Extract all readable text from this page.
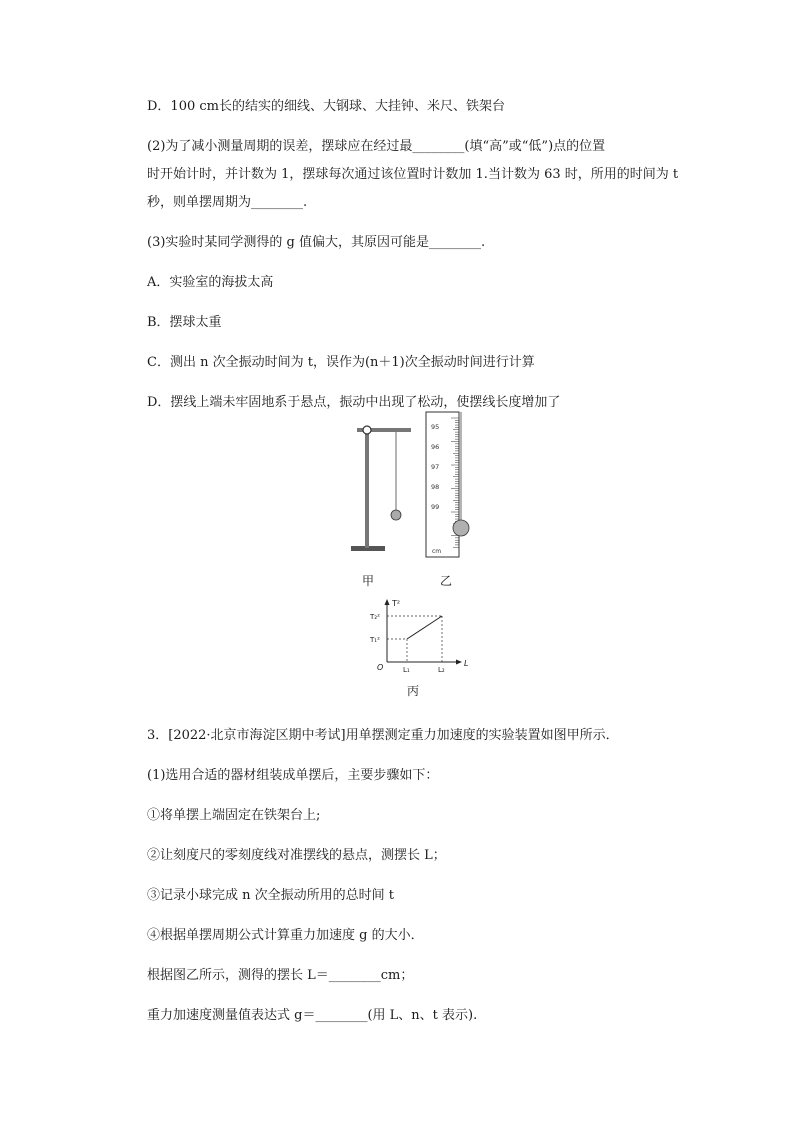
D．100 cm长的结实的细线、大钢球、大挂钟、米尺、铁架台
(2)为了减小测量周期的误差，摆球应在经过最________(填“高”或“低”)点的位置
时开始计时，并计数为 1，摆球每次通过该位置时计数加 1.当计数为 63 时，所用的时间为 t
秒，则单摆周期为________.
(3)实验时某同学测得的 g 值偏大，其原因可能是________.
A．实验室的海拔太高
B．摆球太重
C．测出 n 次全振动时间为 t，误作为(n＋1)次全振动时间进行计算
D．摆线上端未牢固地系于悬点，振动中出现了松动，使摆线长度增加了
甲
95
96
97
98
99
cm
乙
T²
L
O
T₂²
T₁²
L₁	L₂
丙
3．[2022·北京市海淀区期中考试]用单摆测定重力加速度的实验装置如图甲所示．
(1)选用合适的器材组装成单摆后，主要步骤如下：
①将单摆上端固定在铁架台上;
②让刻度尺的零刻度线对准摆线的悬点，测摆长 L；
③记录小球完成 n 次全振动所用的总时间 t
④根据单摆周期公式计算重力加速度 g 的大小．
根据图乙所示，测得的摆长 L＝________cm；
重力加速度测量值表达式 g＝________(用 L、n、t 表示).
